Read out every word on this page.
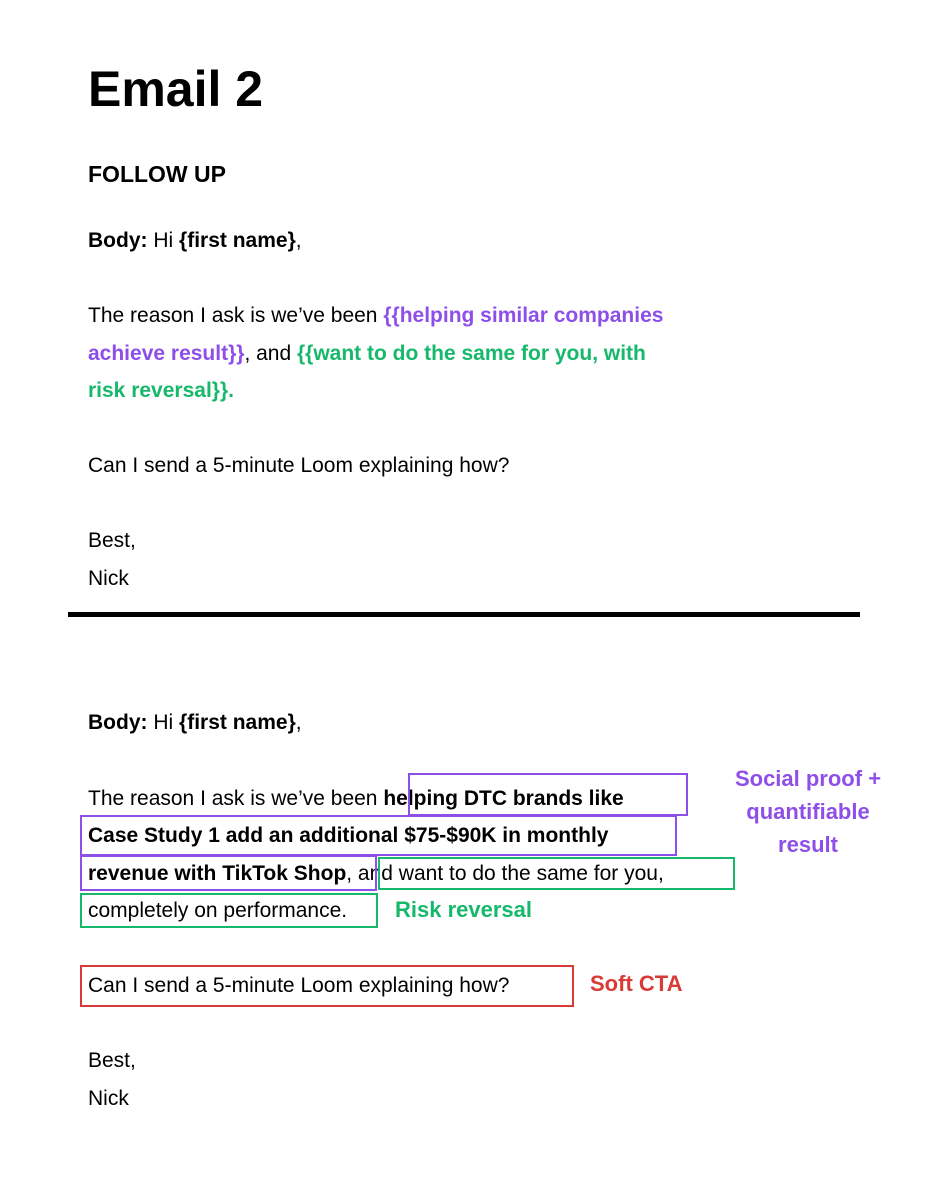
Email 2
FOLLOW UP
Body: Hi {first name},
The reason I ask is we’ve been {{helping similar companies
achieve result}}, and {{want to do the same for you, with
risk reversal}}.
Can I send a 5-minute Loom explaining how?
Best,
Nick
Body: Hi {first name},
The reason I ask is we’ve been helping DTC brands like
Case Study 1 add an additional $75-$90K in monthly
revenue with TikTok Shop, and want to do the same for you,
completely on performance.
Can I send a 5-minute Loom explaining how?
Best,
Nick
Social proof +
quantifiable
result
Risk reversal
Soft CTA
